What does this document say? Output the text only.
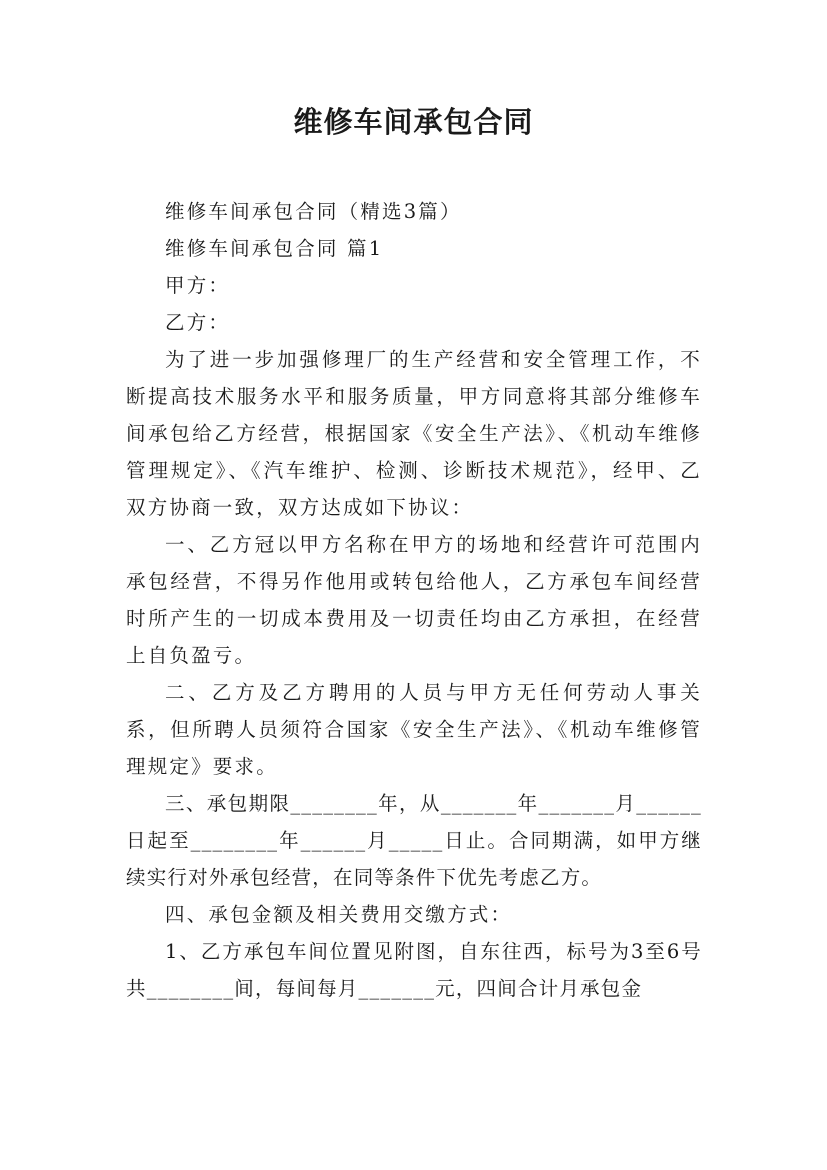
维修车间承包合同

维修车间承包合同（精选3篇）

维修车间承包合同 篇1

甲方：

乙方：

为了进一步加强修理厂的生产经营和安全管理工作，不断提高技术服务水平和服务质量，甲方同意将其部分维修车间承包给乙方经营，根据国家《安全生产法》、《机动车维修管理规定》、《汽车维护、检测、诊断技术规范》，经甲、乙双方协商一致，双方达成如下协议：

一、乙方冠以甲方名称在甲方的场地和经营许可范围内承包经营，不得另作他用或转包给他人，乙方承包车间经营时所产生的一切成本费用及一切责任均由乙方承担，在经营上自负盈亏。

二、乙方及乙方聘用的人员与甲方无任何劳动人事关系，但所聘人员须符合国家《安全生产法》、《机动车维修管理规定》要求。

三、承包期限________年，从_______年_______月______日起至________年______月_____日止。合同期满，如甲方继续实行对外承包经营，在同等条件下优先考虑乙方。

四、承包金额及相关费用交缴方式：

1、乙方承包车间位置见附图，自东往西，标号为3至6号共________间，每间每月_______元，四间合计月承包金
